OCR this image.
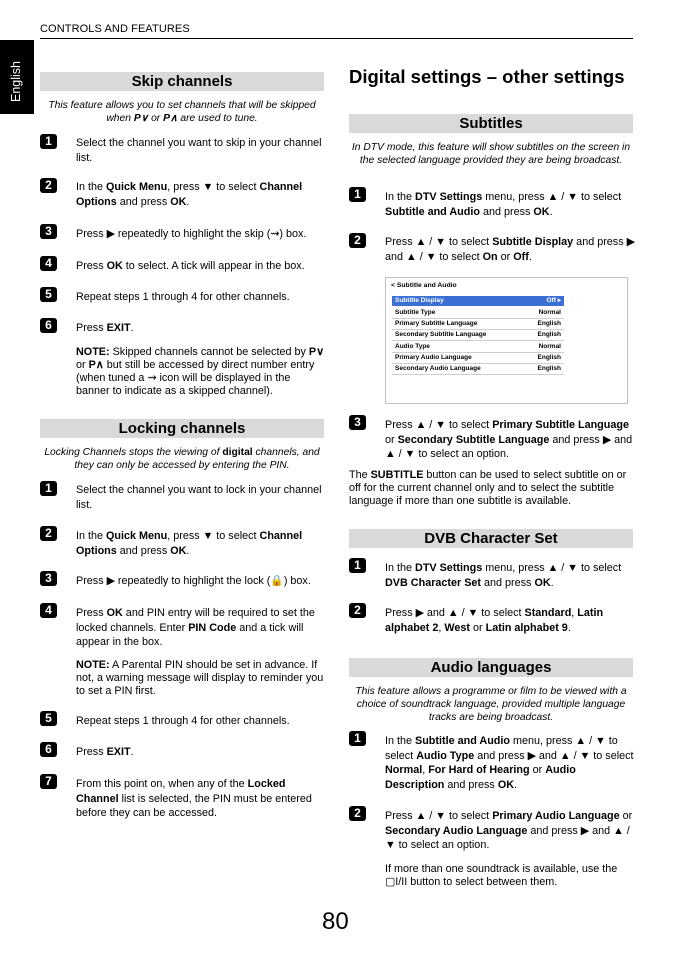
CONTROLS AND FEATURES
English	Skip channels
This feature allows you to set channels that will be skipped when P∨ or P∧ are used to tune.
1	Select the channel you want to skip in your channel list.
2	In the Quick Menu, press ▼ to select Channel Options and press OK.
3	Press ▶ repeatedly to highlight the skip (⇝) box.
4	Press OK to select. A tick will appear in the box.
5	Repeat steps 1 through 4 for other channels.
6	Press EXIT.
NOTE: Skipped channels cannot be selected by P∨ or P∧ but still be accessed by direct number entry (when tuned a ⇝ icon will be displayed in the banner to indicate as a skipped channel).
Locking channels
Locking Channels stops the viewing of digital channels, and they can only be accessed by entering the PIN.
1	Select the channel you want to lock in your channel list.
2	In the Quick Menu, press ▼ to select Channel Options and press OK.
3	Press ▶ repeatedly to highlight the lock (🔒) box.
4	Press OK and PIN entry will be required to set the locked channels. Enter PIN Code and a tick will appear in the box.
NOTE: A Parental PIN should be set in advance. If not, a warning message will display to reminder you to set a PIN first.
5	Repeat steps 1 through 4 for other channels.
6	Press EXIT.
7	From this point on, when any of the Locked Channel list is selected, the PIN must be entered before they can be accessed.
Digital settings – other settings
Subtitles
In DTV mode, this feature will show subtitles on the screen in the selected language provided they are being broadcast.
1	In the DTV Settings menu, press ▲ / ▼ to select Subtitle and Audio and press OK.
2	Press ▲ / ▼ to select Subtitle Display and press ▶ and ▲ / ▼ to select On or Off.
< Subtitle and Audio
Subtitle Display	Off ▸
Subtitle Type	Normal
Primary Subtitle Language	English
Secondary Subtitle Language	English
Audio Type	Normal
Primary Audio Language	English
Secondary Audio Language	English
3	Press ▲ / ▼ to select Primary Subtitle Language or Secondary Subtitle Language and press ▶ and ▲ / ▼ to select an option.
The SUBTITLE button can be used to select subtitle on or off for the current channel only and to select the subtitle language if more than one subtitle is available.
DVB Character Set
1	In the DTV Settings menu, press ▲ / ▼ to select DVB Character Set and press OK.
2	Press ▶ and ▲ / ▼ to select Standard, Latin alphabet 2, West or Latin alphabet 9.
Audio languages
This feature allows a programme or film to be viewed with a choice of soundtrack language, provided multiple language tracks are being broadcast.
1	In the Subtitle and Audio menu, press ▲ / ▼ to select Audio Type and press ▶ and ▲ / ▼ to select Normal, For Hard of Hearing or Audio Description and press OK.
2	Press ▲ / ▼ to select Primary Audio Language or Secondary Audio Language and press ▶ and ▲ / ▼ to select an option.
If more than one soundtrack is available, use the ▢I/II button to select between them.
80
